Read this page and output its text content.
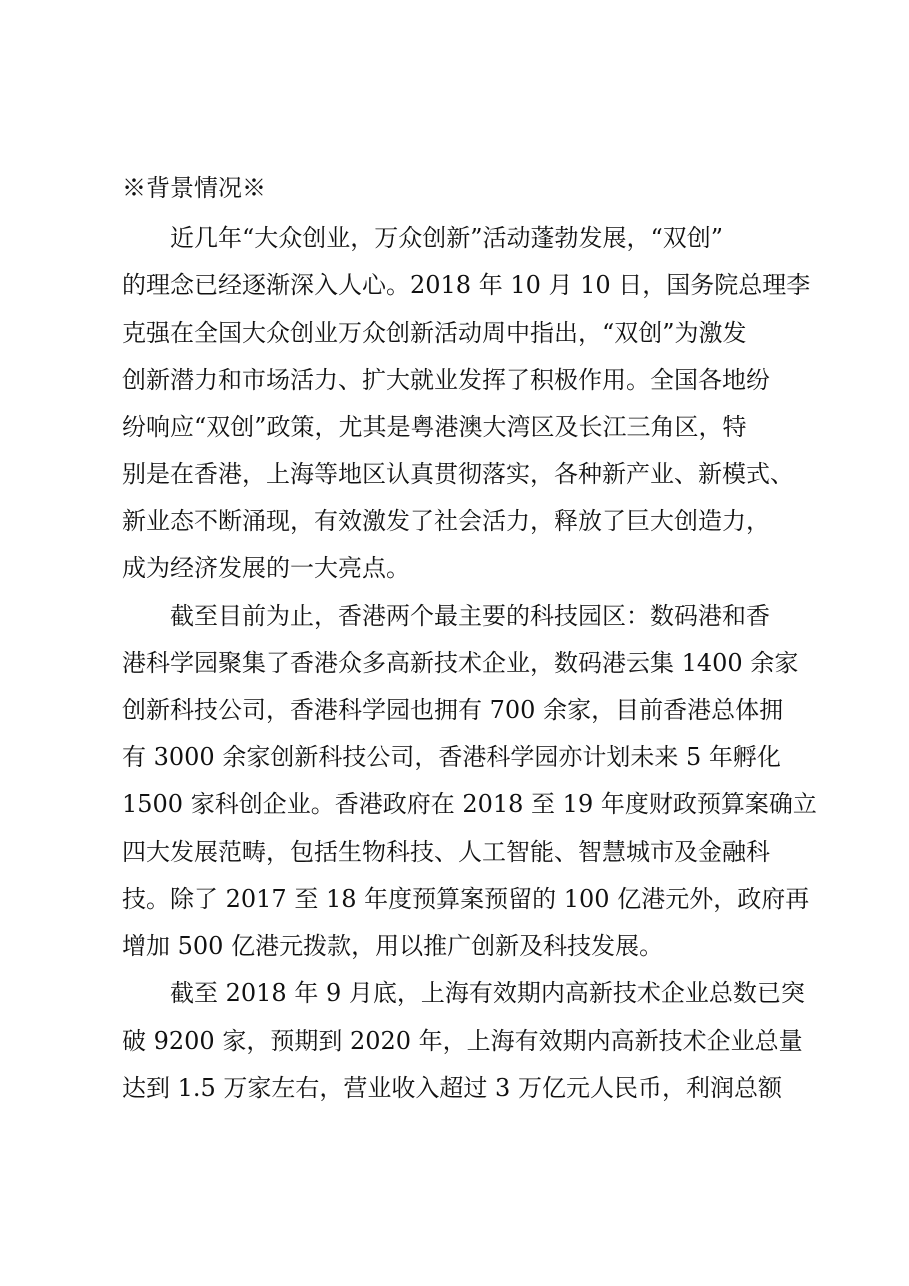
※背景情况※
近几年“大众创业，万众创新”活动蓬勃发展，“双创”
的理念已经逐渐深入人心。2018 年 10 月 10 日，国务院总理李
克强在全国大众创业万众创新活动周中指出，“双创”为激发
创新潜力和市场活力、扩大就业发挥了积极作用。全国各地纷
纷响应“双创”政策，尤其是粤港澳大湾区及长江三角区，特
别是在香港，上海等地区认真贯彻落实，各种新产业、新模式、
新业态不断涌现，有效激发了社会活力，释放了巨大创造力，
成为经济发展的一大亮点。
截至目前为止，香港两个最主要的科技园区：数码港和香
港科学园聚集了香港众多高新技术企业，数码港云集 1400 余家
创新科技公司，香港科学园也拥有 700 余家，目前香港总体拥
有 3000 余家创新科技公司，香港科学园亦计划未来 5 年孵化
1500 家科创企业。香港政府在 2018 至 19 年度财政预算案确立
四大发展范畴，包括生物科技、人工智能、智慧城市及金融科
技。除了 2017 至 18 年度预算案预留的 100 亿港元外，政府再
增加 500 亿港元拨款，用以推广创新及科技发展。
截至 2018 年 9 月底，上海有效期内高新技术企业总数已突
破 9200 家，预期到 2020 年，上海有效期内高新技术企业总量
达到 1.5 万家左右，营业收入超过 3 万亿元人民币，利润总额
